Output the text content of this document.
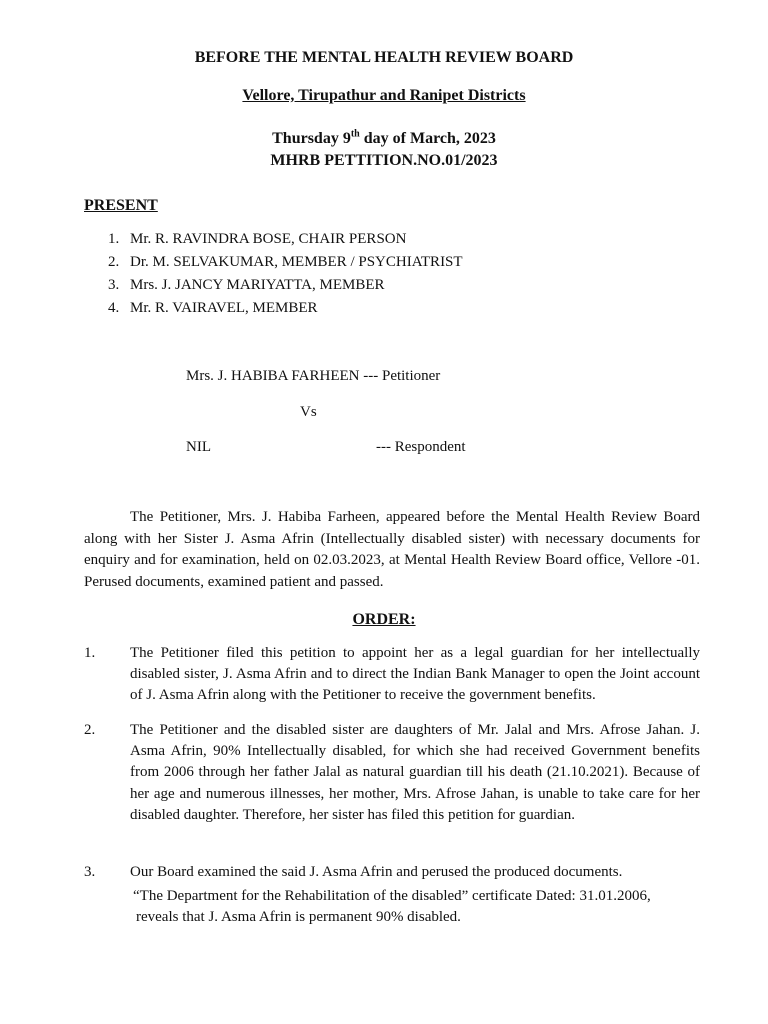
BEFORE THE MENTAL HEALTH REVIEW BOARD
Vellore, Tirupathur and Ranipet Districts
Thursday 9th day of March, 2023
MHRB PETTITION.NO.01/2023
PRESENT
1. Mr. R. RAVINDRA BOSE, CHAIR PERSON
2. Dr. M. SELVAKUMAR, MEMBER / PSYCHIATRIST
3. Mrs. J. JANCY MARIYATTA, MEMBER
4. Mr. R. VAIRAVEL, MEMBER
Mrs. J. HABIBA FARHEEN --- Petitioner
Vs
NIL	--- Respondent
The Petitioner, Mrs. J. Habiba Farheen, appeared before the Mental Health Review Board along with her Sister J. Asma Afrin (Intellectually disabled sister) with necessary documents for enquiry and for examination, held on 02.03.2023, at Mental Health Review Board office, Vellore -01. Perused documents, examined patient and passed.
ORDER:
1. The Petitioner filed this petition to appoint her as a legal guardian for her intellectually disabled sister, J. Asma Afrin and to direct the Indian Bank Manager to open the Joint account of J. Asma Afrin along with the Petitioner to receive the government benefits.
2. The Petitioner and the disabled sister are daughters of Mr. Jalal and Mrs. Afrose Jahan. J. Asma Afrin, 90% Intellectually disabled, for which she had received Government benefits from 2006 through her father Jalal as natural guardian till his death (21.10.2021). Because of her age and numerous illnesses, her mother, Mrs. Afrose Jahan, is unable to take care for her disabled daughter. Therefore, her sister has filed this petition for guardian.
3. Our Board examined the said J. Asma Afrin and perused the produced documents.
“The Department for the Rehabilitation of the disabled” certificate Dated: 31.01.2006,
reveals that J. Asma Afrin is permanent 90% disabled.
